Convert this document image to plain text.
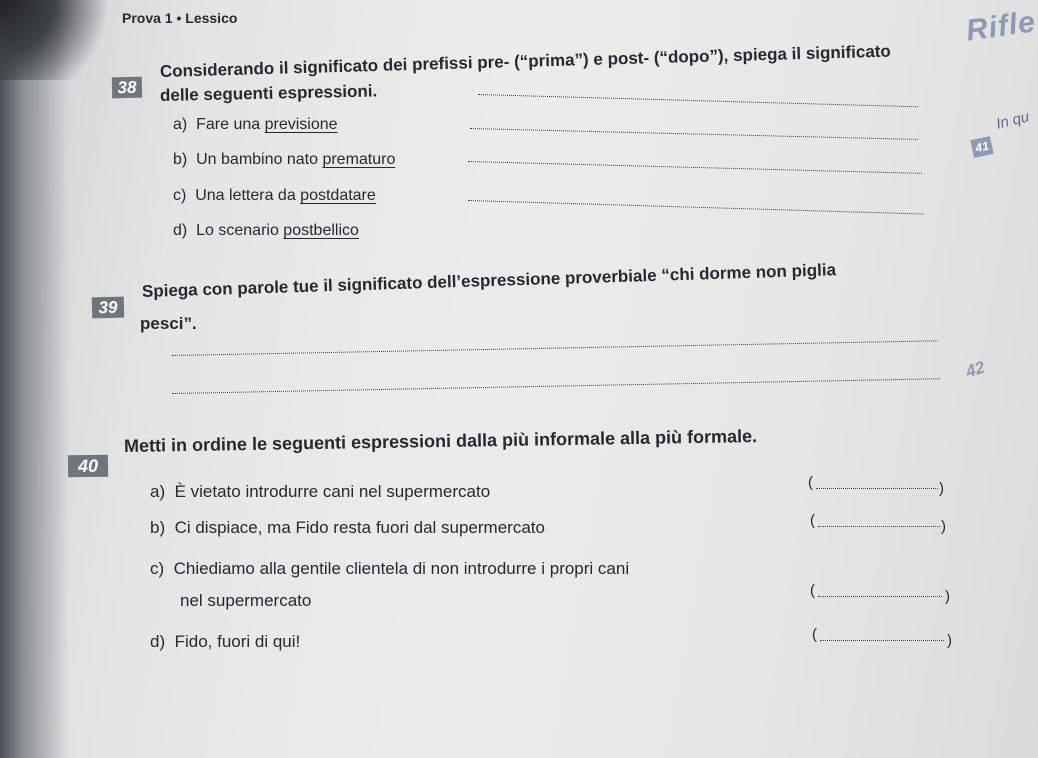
Prova 1 • Lessico
38
Considerando il significato dei prefissi pre- (“prima”) e post- (“dopo”), spiega il significato
delle seguenti espressioni.
a) Fare una previsione
b) Un bambino nato prematuro
c) Una lettera da postdatare
d) Lo scenario postbellico
39
Spiega con parole tue il significato dell’espressione proverbiale “chi dorme non piglia
pesci”.
40
Metti in ordine le seguenti espressioni dalla più informale alla più formale.
a) È vietato introdurre cani nel supermercato	(	)
b) Ci dispiace, ma Fido resta fuori dal supermercato	(	)
c) Chiediamo alla gentile clientela di non introdurre i propri cani
nel supermercato
(	)
d) Fido, fuori di qui!	(	)
Rifle
41
In qu
42
